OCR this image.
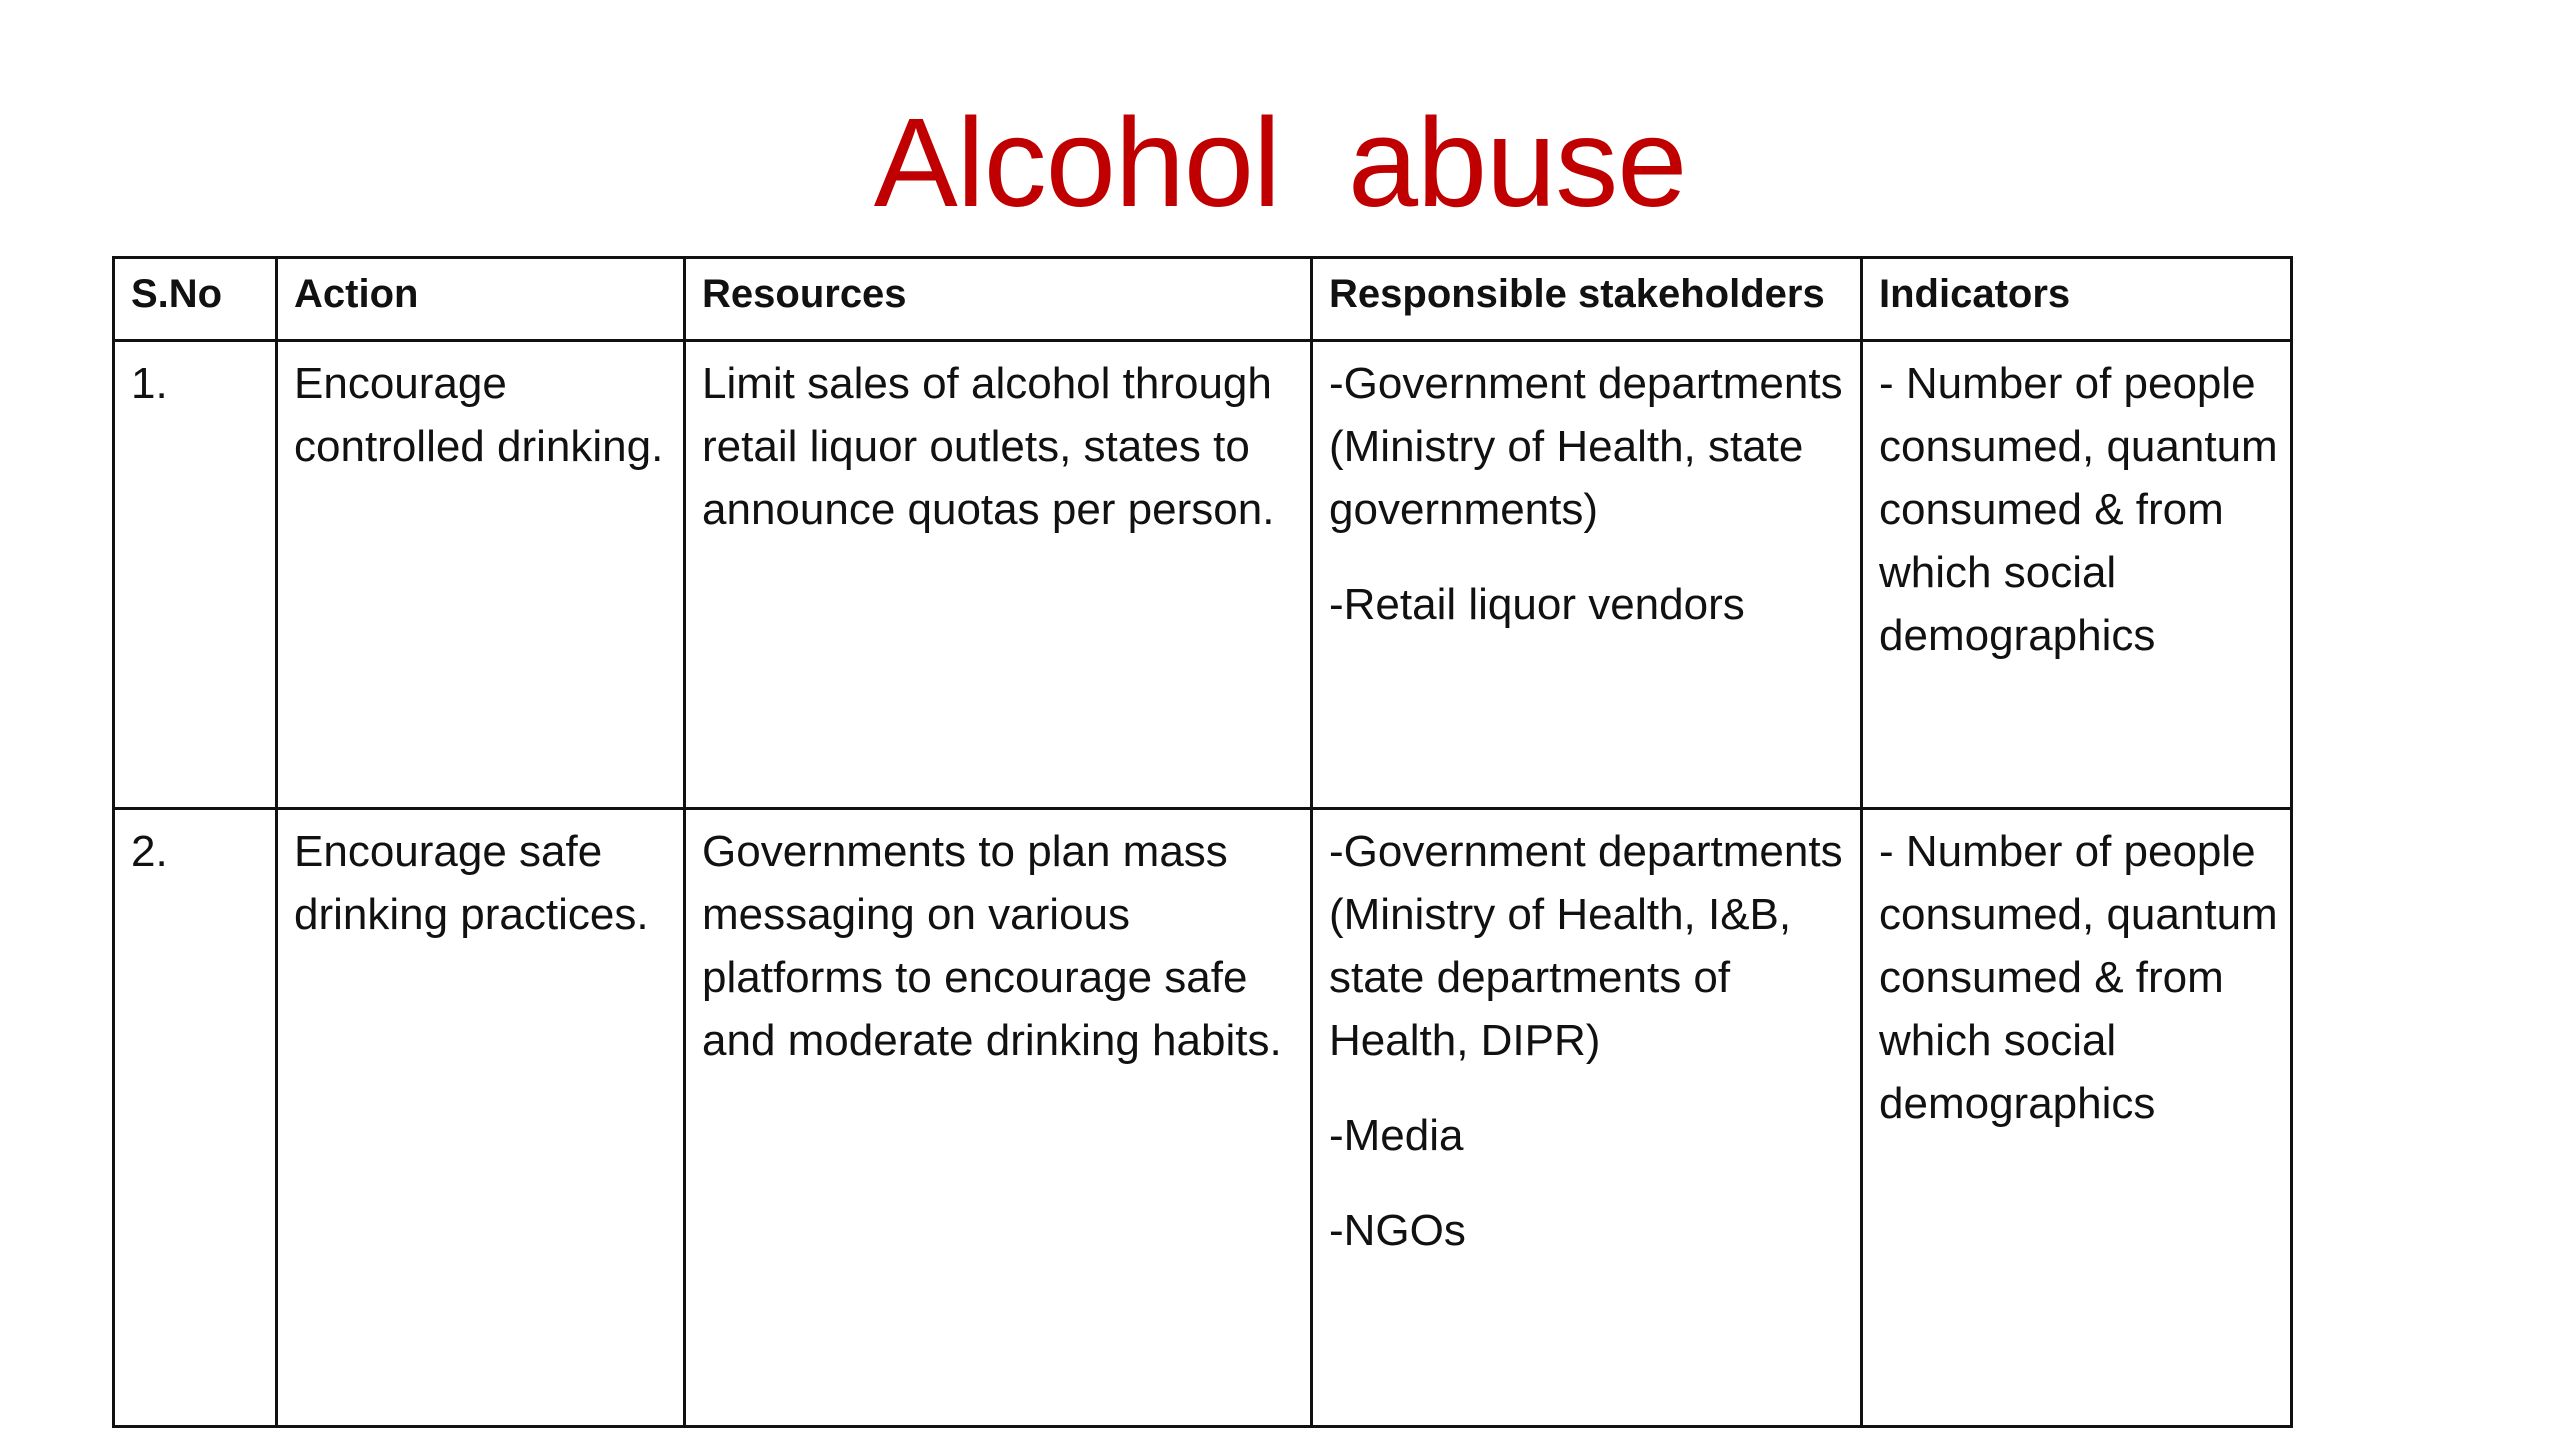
Alcohol  abuse
S.No	Action	Resources	Responsible stakeholders	Indicators

1.	Encourage controlled drinking.	Limit sales of alcohol through retail liquor outlets, states to announce quotas per person.	-Government departments (Ministry of Health, state governments)
-Retail liquor vendors	- Number of people consumed, quantum consumed & from which social demographics

2.	Encourage safe drinking practices.	Governments to plan mass messaging on various platforms to encourage safe and moderate drinking habits.	-Government departments (Ministry of Health, I&B, state departments of Health, DIPR)
-Media
-NGOs	- Number of people consumed, quantum consumed & from which social demographics
